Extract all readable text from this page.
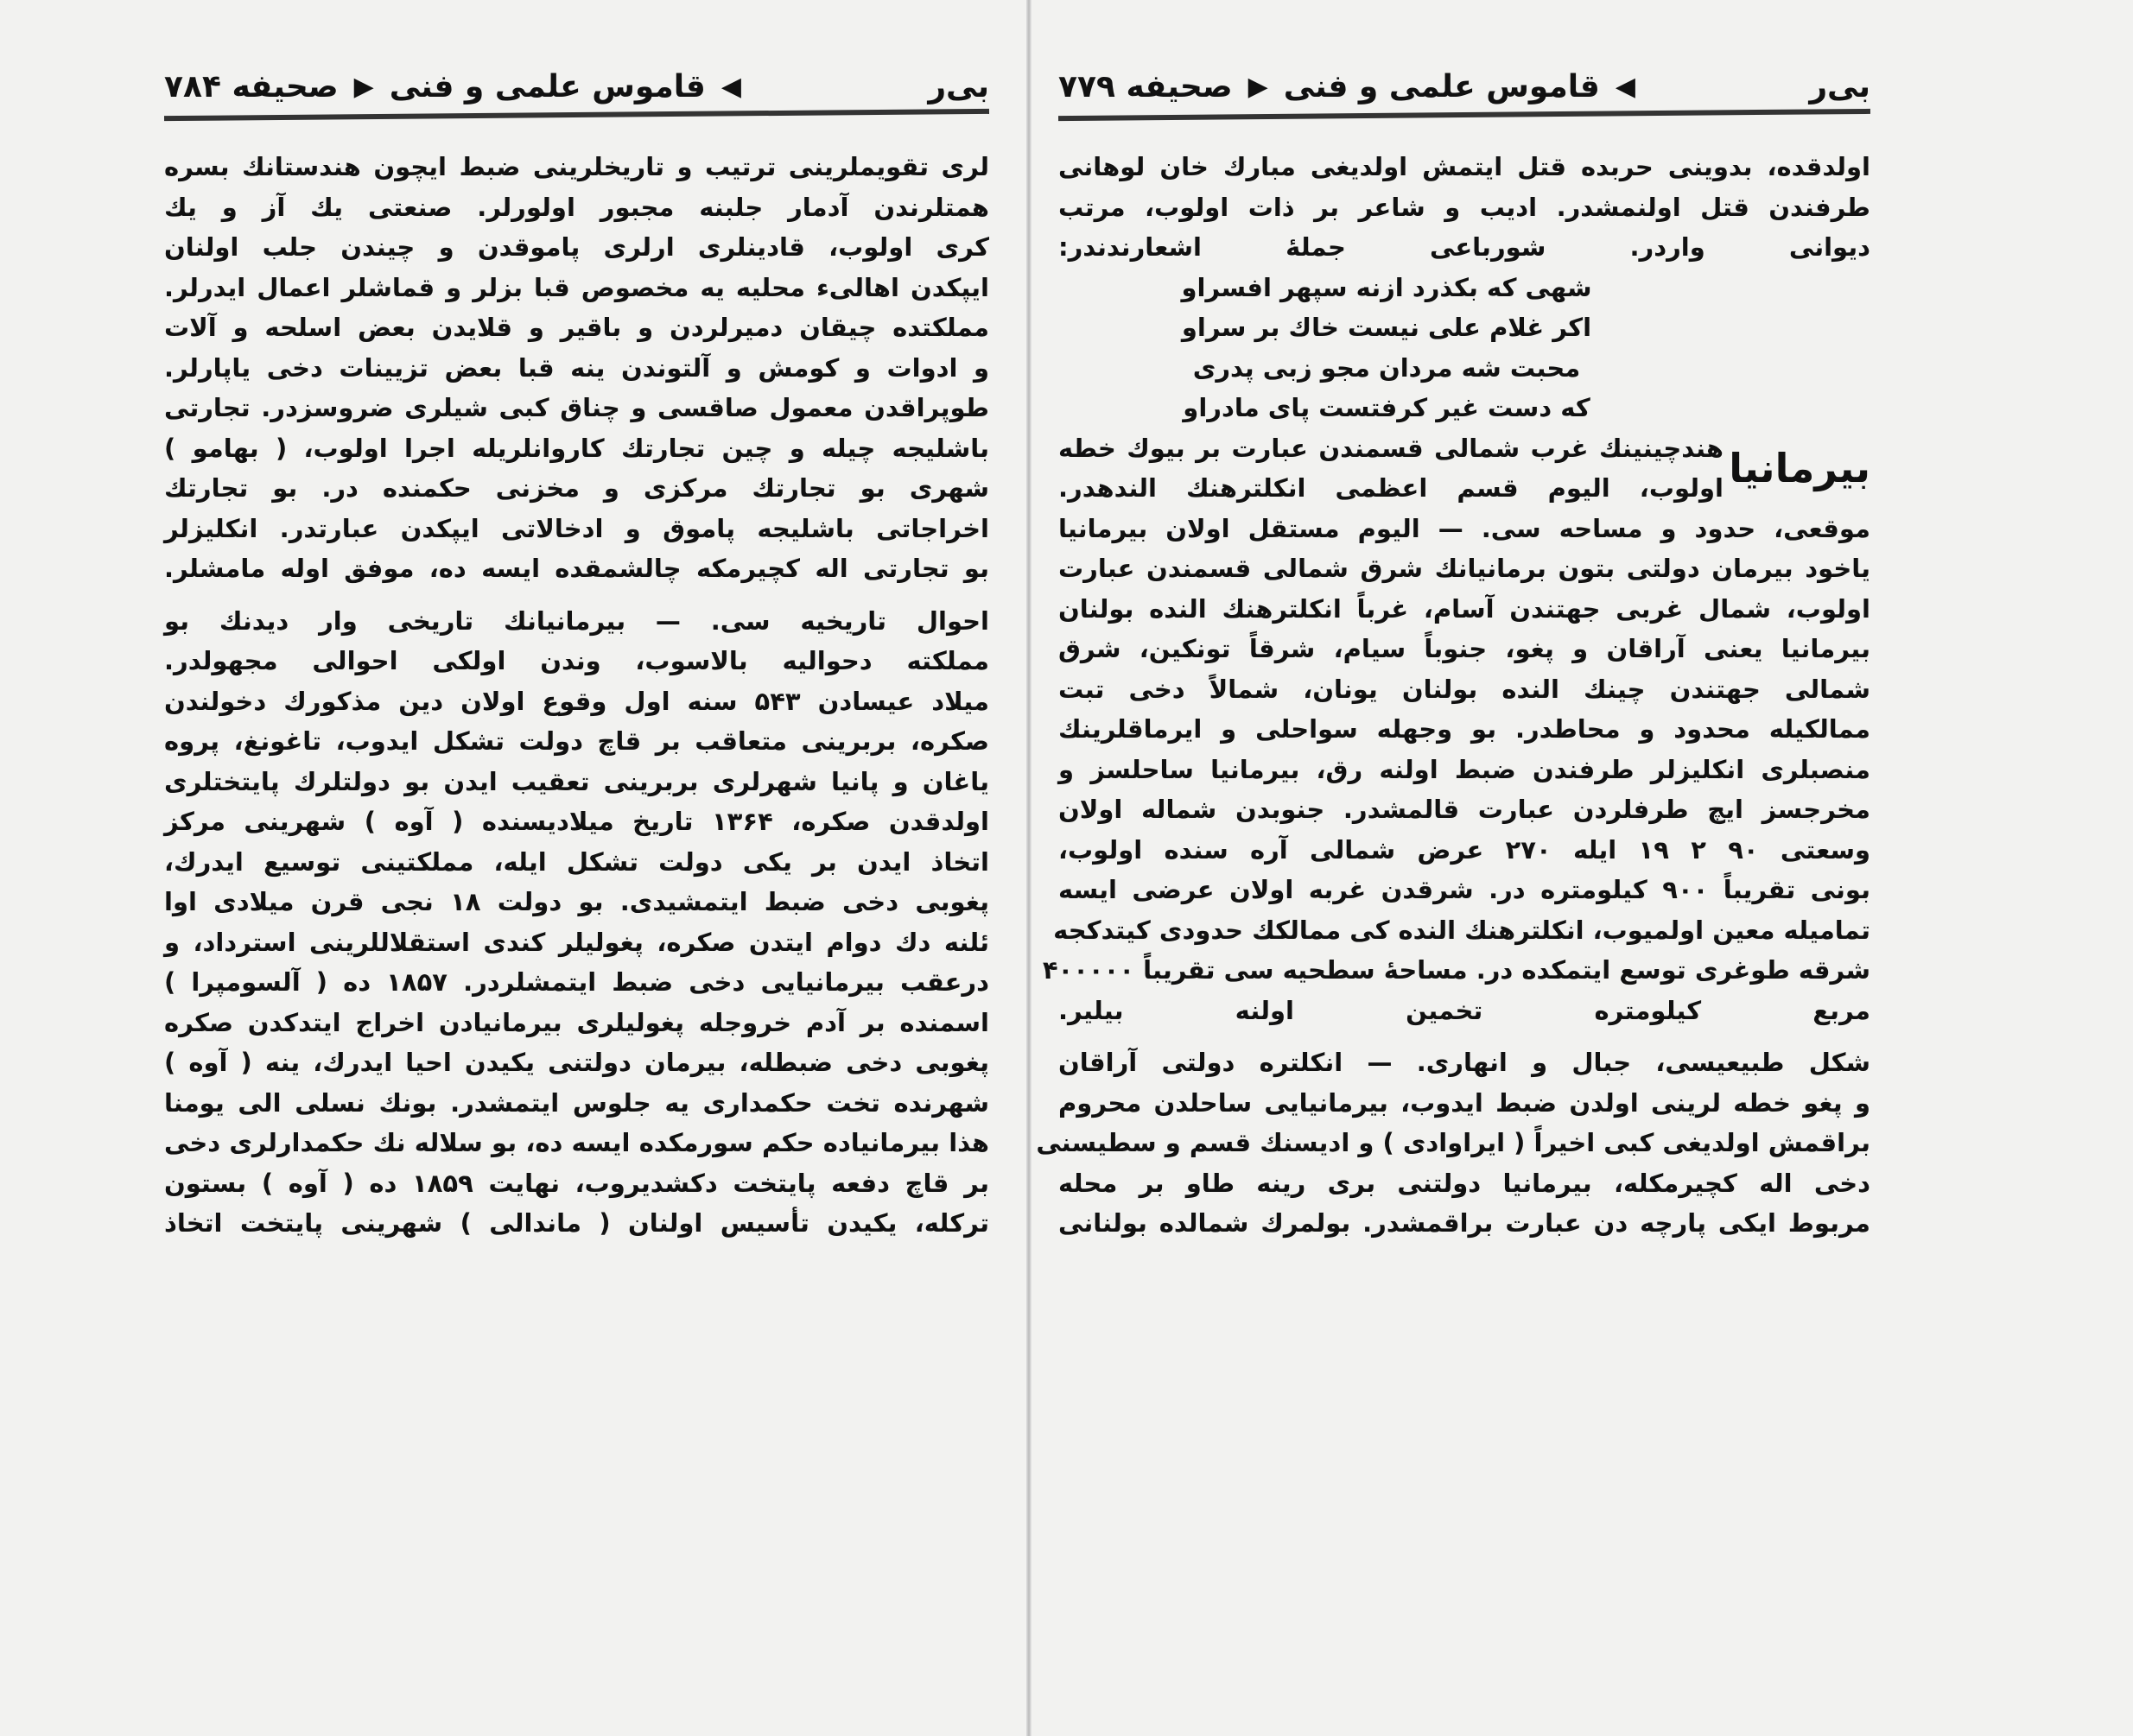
بی‌ر
◀
قاموس علمی و فنی
▶
صحیفه ۷۸۴
لری تقویملرینی ترتیب و تاریخلرینی ضبط ایچون هندستانك بسره
همتلرندن آدمار جلبنه مجبور اولورلر. صنعتی یك آز و یك
کری اولوب، قادینلری ارلری پاموقدن و چیندن جلب اولنان
ایپکدن اهالیء محلیه یه مخصوص قبا بزلر و قماشلر اعمال ایدرلر.
مملکتده چیقان دمیرلردن و باقیر و قلایدن بعض اسلحه و آلات
و ادوات و کومش و آلتوندن ینه قبا بعض تزیینات دخی یاپارلر.
طوپراقدن معمول صاقسی و چناق کبی شیلری ضروسزدر. تجارتی
باشلیجه چیله و چین تجارتك کاروانلریله اجرا اولوب، ( بهامو )
شهری بو تجارتك مرکزی و مخزنی حکمنده در. بو تجارتك
اخراجاتی باشلیجه پاموق و ادخالاتی ایپکدن عبارتدر. انکلیزلر
بو تجارتی اله کچیرمکه چالشمقده ایسه ده، موفق اوله مامشلر.
احوال تاریخیه سی. — بیرمانیانك تاریخی وار دیدنك بو
مملکته دحوالیه بالاسوب، وندن اولکی احوالی مجهولدر.
میلاد عیسادن ۵۴۳ سنه اول وقوع اولان دین مذکورك دخولندن
صکره، بربرینی متعاقب بر قاچ دولت تشکل ایدوب، تاغونغ، پروه
یاغان و پانیا شهرلری بربرینی تعقیب ایدن بو دولتلرك پایتختلری
اولدقدن صکره، ۱۳۶۴ تاریخ میلادیسنده ( آوه ) شهرینی مرکز
اتخاذ ایدن بر یکی دولت تشکل ایله، مملکتینی توسیع ایدرك،
پغوبی دخی ضبط ایتمشیدی. بو دولت ۱۸ نجی قرن میلادی اوا
ئلنه دك دوام ایتدن صکره، پغولیلر کندی استقلاللرینی استرداد، و
درعقب بیرمانیایی دخی ضبط ایتمشلردر. ۱۸۵۷ ده ( آلسومپرا )
اسمنده بر آدم خروجله پغولیلری بیرمانیادن اخراج ایتدکدن صکره
پغوبی دخی ضبطله، بیرمان دولتنی یکیدن احیا ایدرك، ینه ( آوه )
شهرنده تخت حکمداری یه جلوس ایتمشدر. بونك نسلی الی یومنا
هذا بیرمانیاده حکم سورمکده ایسه ده، بو سلاله نك حکمدارلری دخی
بر قاچ دفعه پایتخت دکشدیروب، نهایت ۱۸۵۹ ده ( آوه ) بستون
ترکله، یکیدن تأسیس اولنان ( ماندالی ) شهرینی پایتخت اتخاذ
بی‌ر
◀
قاموس علمی و فنی
▶
صحیفه ۷۷۹
اولدقده، بدوینی حربده قتل ایتمش اولدیغی مبارك خان لوهانی
طرفندن قتل اولنمشدر. ادیب و شاعر بر ذات اولوب، مرتب
دیوانی واردر. شورباعی جملهٔ اشعارندندر:
شهی که بکذرد ازنه سپهر افسراو
اکر غلام علی نیست خاك بر سراو
محبت شه مردان مجو زبی پدری
که دست غیر کرفتست پای مادراو
بیرمانیا
هندچینینك غرب شمالی قسمندن عبارت بر بیوك خطه
اولوب، الیوم قسم اعظمی انکلترهنك الندهدر.
موقعی، حدود و مساحه سی. — الیوم مستقل اولان بیرمانیا
یاخود بیرمان دولتی بتون برمانیانك شرق شمالی قسمندن عبارت
اولوب، شمال غربی جهتندن آسام، غرباً انکلترهنك النده بولنان
بیرمانیا یعنی آراقان و پغو، جنوباً سیام، شرقاً تونکین، شرق
شمالی جهتندن چینك النده بولنان یونان، شمالاً دخی تبت
ممالکیله محدود و محاطدر. بو وجهله سواحلی و ایرماقلرینك
منصبلری انکلیزلر طرفندن ضبط اولنه رق، بیرمانیا ساحلسز و
مخرجسز ایچ طرفلردن عبارت قالمشدر. جنوبدن شماله اولان
وسعتی ۹۰ ۲ ۱۹ ایله ۲۷۰ عرض شمالی آره سنده اولوب،
بونی تقریباً ۹۰۰ کیلومتره در. شرقدن غربه اولان عرضی ایسه
تمامیله معین اولمیوب، انکلترهنك النده کی ممالکك حدودی کیتدکجه
شرقه طوغری توسع ایتمکده در. مساحهٔ سطحیه سی تقریباً ۴۰۰۰۰۰
مربع کیلومتره تخمین اولنه بیلیر.
شکل طبیعیسی، جبال و انهاری. — انکلتره دولتی آراقان
و پغو خطه لرینی اولدن ضبط ایدوب، بیرمانیایی ساحلدن محروم
براقمش اولدیغی کبی اخیراً ( ایراوادی ) و ادیسنك قسم و سطیسنی
دخی اله کچیرمکله، بیرمانیا دولتنی بری رینه طاو بر محله
مربوط ایکی پارچه دن عبارت براقمشدر. بولمرك شمالده بولنانی
